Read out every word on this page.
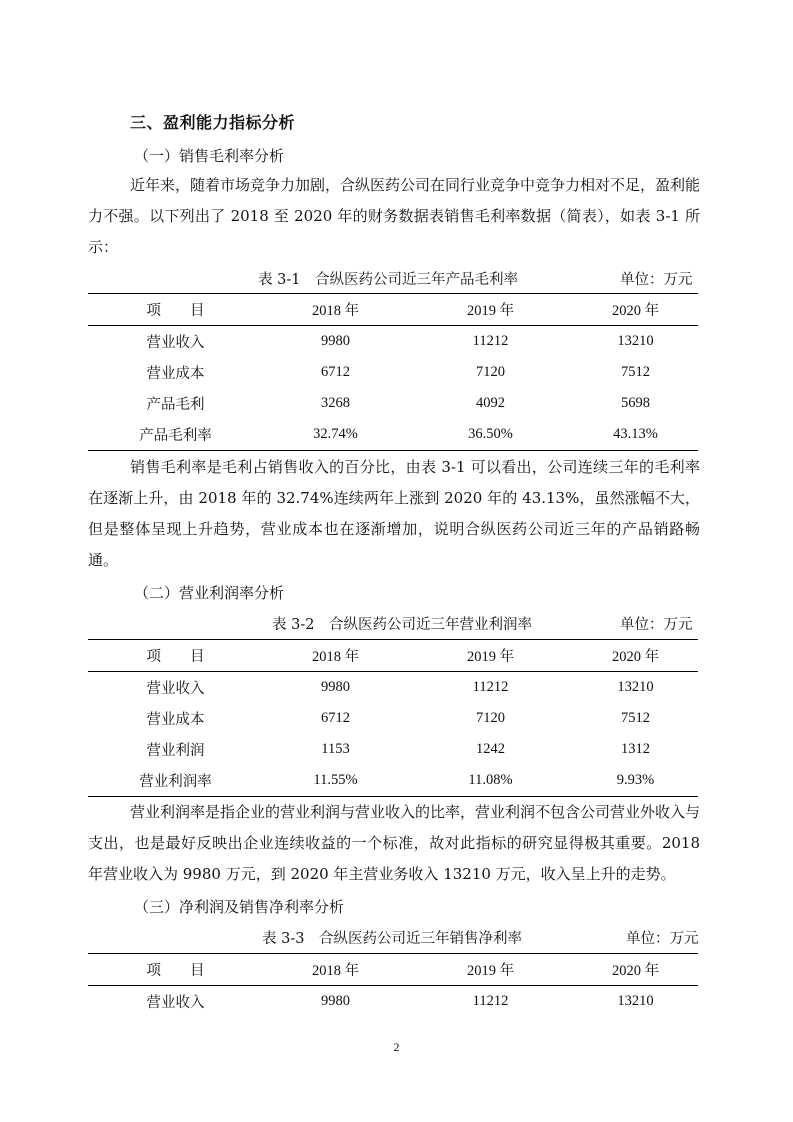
三、盈利能力指标分析
（一）销售毛利率分析
近年来，随着市场竞争力加剧，合纵医药公司在同行业竞争中竞争力相对不足，盈利能力不强。以下列出了 2018 至 2020 年的财务数据表销售毛利率数据（简表），如表 3-1 所示：
表 3-1　合纵医药公司近三年产品毛利率	单位：万元
项　　目	2018 年	2019 年	2020 年
营业收入	9980	11212	13210
营业成本	6712	7120	7512
产品毛利	3268	4092	5698
产品毛利率	32.74%	36.50%	43.13%
销售毛利率是毛利占销售收入的百分比，由表 3-1 可以看出，公司连续三年的毛利率在逐渐上升，由 2018 年的 32.74%连续两年上涨到 2020 年的 43.13%，虽然涨幅不大，但是整体呈现上升趋势，营业成本也在逐渐增加，说明合纵医药公司近三年的产品销路畅通。
（二）营业利润率分析
表 3-2　合纵医药公司近三年营业利润率	单位：万元
项　　目	2018 年	2019 年	2020 年
营业收入	9980	11212	13210
营业成本	6712	7120	7512
营业利润	1153	1242	1312
营业利润率	11.55%	11.08%	9.93%
营业利润率是指企业的营业利润与营业收入的比率，营业利润不包含公司营业外收入与支出，也是最好反映出企业连续收益的一个标准，故对此指标的研究显得极其重要。2018 年营业收入为 9980 万元，到 2020 年主营业务收入 13210 万元，收入呈上升的走势。
（三）净利润及销售净利率分析
表 3-3　合纵医药公司近三年销售净利率	单位：万元
项　　目	2018 年	2019 年	2020 年
营业收入	9980	11212	13210
2
